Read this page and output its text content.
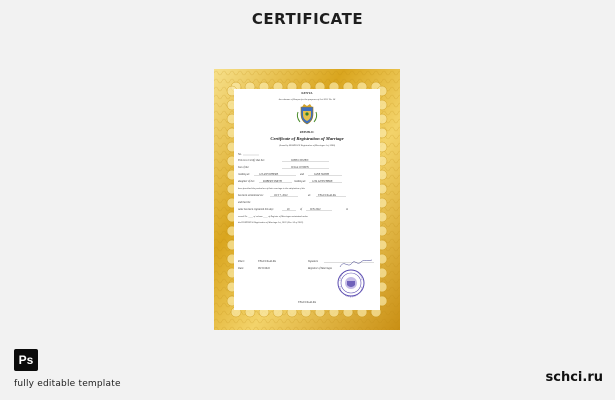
CERTIFICATE
KENYA
the whereas of Kenyan for the purposes of Act 2012 No. 58
REPUBLIC
Certificate of Registration of Marriage
(Issued by MARRIAGE Registration of Marriages Act, 2000)
No.
This is to Certify that the:	JOHN CITIZEN
Son of the:	JULIA CITIZEN
residing at:	123 ANYWHERE	and	JANE SMITH
daughter of the:	ROBERT SMITH	residing at: 1234 ANYWHERE
have furnished the particulars of their marriage to the satisfaction of the
has been solemnised on:	OCT 7, 2022	at:	TEGUCIGALPA
and that the
same has been registered this day:	20	of	JUN 2022	in
record No. ____ of volume ____ of Register of Marriages maintained under
the HONDURAS Registration of Marriage Act, 2022 (Nos. 56 of 2022)
Place:	TEGUCIGALPA	Signature
Date:	08/15/2022	Registrar of Marriages
TEGUCIGALPA
Ps
fully editable template	schci.ru
